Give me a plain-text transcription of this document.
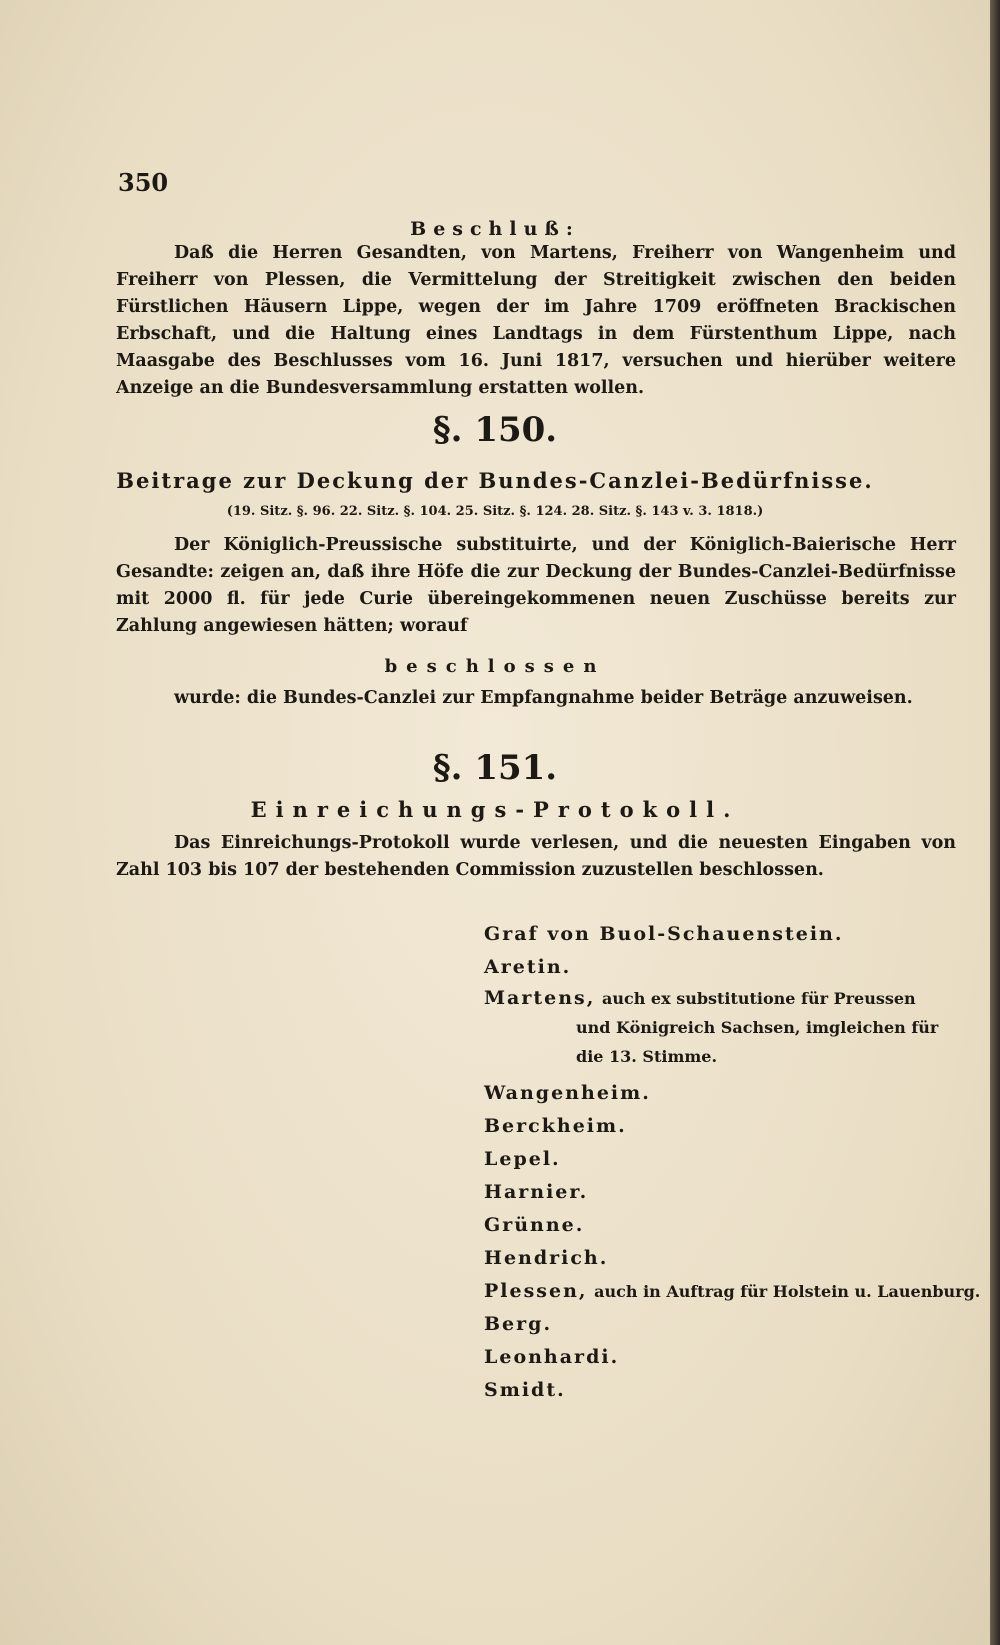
350
Beschluß:

Daß die Herren Gesandten, von Martens, Freiherr von Wangenheim und Freiherr von Plessen, die Vermittelung der Streitigkeit zwischen den beiden Fürstlichen Häusern Lippe, wegen der im Jahre 1709 eröffneten Brackischen Erbschaft, und die Haltung eines Landtags in dem Fürstenthum Lippe, nach Maasgabe des Beschlusses vom 16. Juni 1817, versuchen und hierüber weitere Anzeige an die Bundesversammlung erstatten wollen.

§. 150.
Beitrage zur Deckung der Bundes-Canzlei-Bedürfnisse.
(19. Sitz. §. 96. 22. Sitz. §. 104. 25. Sitz. §. 124. 28. Sitz. §. 143 v. 3. 1818.)

Der Königlich-Preussische substituirte, und der Königlich-Baierische Herr Gesandte: zeigen an, daß ihre Höfe die zur Deckung der Bundes-Canzlei-Bedürfnisse mit 2000 fl. für jede Curie übereingekommenen neuen Zuschüsse bereits zur Zahlung angewiesen hätten; worauf

beschlossen
wurde: die Bundes-Canzlei zur Empfangnahme beider Beträge anzuweisen.
§. 151.
Einreichungs-Protokoll.

Das Einreichungs-Protokoll wurde verlesen, und die neuesten Eingaben von Zahl 103 bis 107 der bestehenden Commission zuzustellen beschlossen.

Graf von Buol-Schauenstein.
Aretin.
Martens, auch ex substitutione für Preussen
und Königreich Sachsen, imgleichen für die 13. Stimme.
Wangenheim.
Berckheim.
Lepel.
Harnier.
Grünne.
Hendrich.
Plessen, auch in Auftrag für Holstein u. Lauenburg.
Berg.
Leonhardi.
Smidt.
